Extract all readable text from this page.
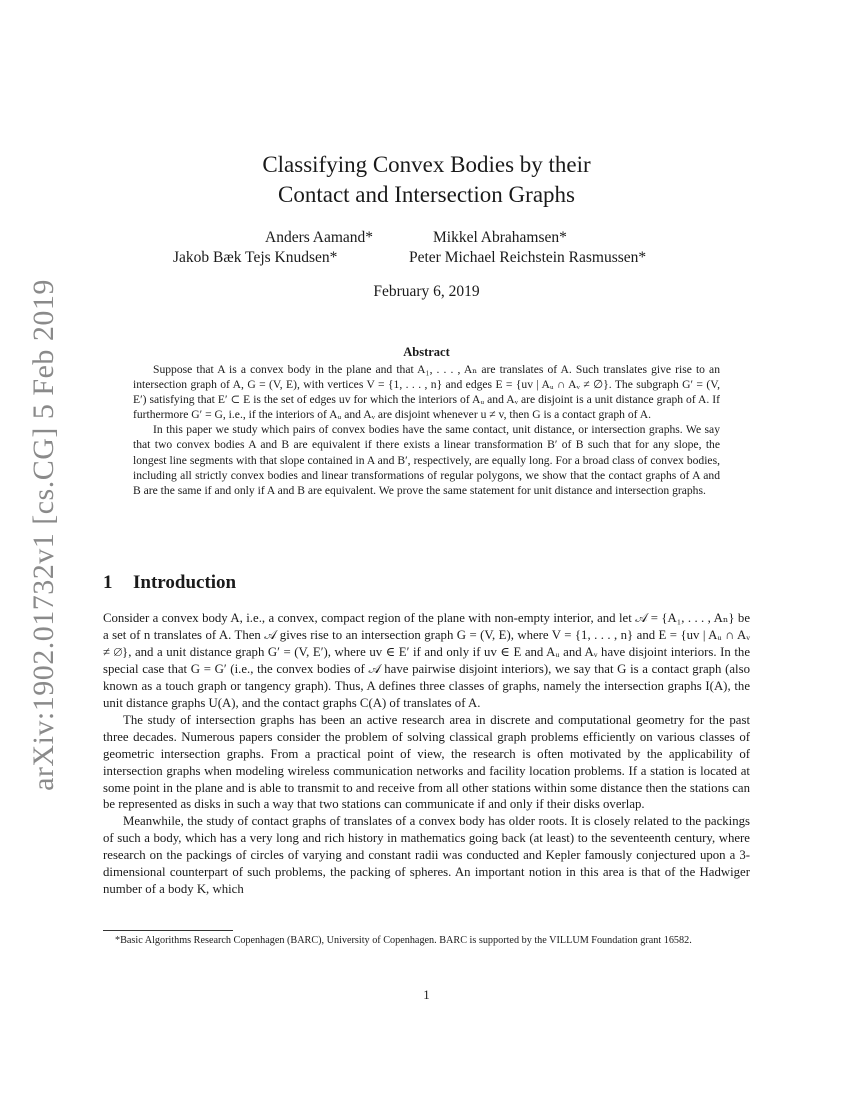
arXiv:1902.01732v1 [cs.CG] 5 Feb 2019
Classifying Convex Bodies by their
Contact and Intersection Graphs
Anders Aamand*	Mikkel Abrahamsen*
Jakob Bæk Tejs Knudsen*	Peter Michael Reichstein Rasmussen*
February 6, 2019
Abstract

Suppose that A is a convex body in the plane and that A₁, . . . , Aₙ are translates of A. Such translates give rise to an intersection graph of A, G = (V, E), with vertices V = {1, . . . , n} and edges E = {uv | Aᵤ ∩ Aᵥ ≠ ∅}. The subgraph G′ = (V, E′) satisfying that E′ ⊂ E is the set of edges uv for which the interiors of Aᵤ and Aᵥ are disjoint is a unit distance graph of A. If furthermore G′ = G, i.e., if the interiors of Aᵤ and Aᵥ are disjoint whenever u ≠ v, then G is a contact graph of A.

In this paper we study which pairs of convex bodies have the same contact, unit distance, or intersection graphs. We say that two convex bodies A and B are equivalent if there exists a linear transformation B′ of B such that for any slope, the longest line segments with that slope contained in A and B′, respectively, are equally long. For a broad class of convex bodies, including all strictly convex bodies and linear transformations of regular polygons, we show that the contact graphs of A and B are the same if and only if A and B are equivalent. We prove the same statement for unit distance and intersection graphs.

1 Introduction

Consider a convex body A, i.e., a convex, compact region of the plane with non-empty interior, and let 𝒜 = {A₁, . . . , Aₙ} be a set of n translates of A. Then 𝒜 gives rise to an intersection graph G = (V, E), where V = {1, . . . , n} and E = {uv | Aᵤ ∩ Aᵥ ≠ ∅}, and a unit distance graph G′ = (V, E′), where uv ∈ E′ if and only if uv ∈ E and Aᵤ and Aᵥ have disjoint interiors. In the special case that G = G′ (i.e., the convex bodies of 𝒜 have pairwise disjoint interiors), we say that G is a contact graph (also known as a touch graph or tangency graph). Thus, A defines three classes of graphs, namely the intersection graphs I(A), the unit distance graphs U(A), and the contact graphs C(A) of translates of A.

The study of intersection graphs has been an active research area in discrete and computational geometry for the past three decades. Numerous papers consider the problem of solving classical graph problems efficiently on various classes of geometric intersection graphs. From a practical point of view, the research is often motivated by the applicability of intersection graphs when modeling wireless communication networks and facility location problems. If a station is located at some point in the plane and is able to transmit to and receive from all other stations within some distance then the stations can be represented as disks in such a way that two stations can communicate if and only if their disks overlap.

Meanwhile, the study of contact graphs of translates of a convex body has older roots. It is closely related to the packings of such a body, which has a very long and rich history in mathematics going back (at least) to the seventeenth century, where research on the packings of circles of varying and constant radii was conducted and Kepler famously conjectured upon a 3-dimensional counterpart of such problems, the packing of spheres. An important notion in this area is that of the Hadwiger number of a body K, which

*Basic Algorithms Research Copenhagen (BARC), University of Copenhagen. BARC is supported by the VILLUM Foundation grant 16582.
1
